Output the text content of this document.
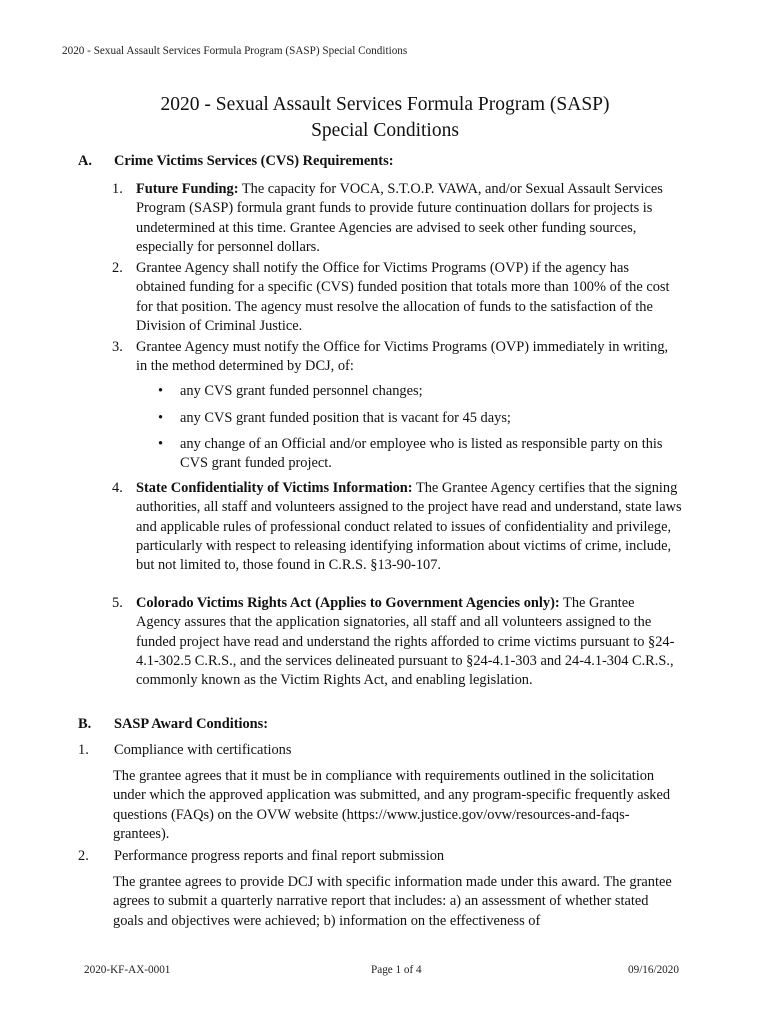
2020 - Sexual Assault Services Formula Program (SASP) Special Conditions
2020 - Sexual Assault Services Formula Program (SASP)
Special Conditions
A. Crime Victims Services (CVS) Requirements:
1. Future Funding: The capacity for VOCA, S.T.O.P. VAWA, and/or Sexual Assault Services Program (SASP) formula grant funds to provide future continuation dollars for projects is undetermined at this time. Grantee Agencies are advised to seek other funding sources, especially for personnel dollars.
2. Grantee Agency shall notify the Office for Victims Programs (OVP) if the agency has obtained funding for a specific (CVS) funded position that totals more than 100% of the cost for that position. The agency must resolve the allocation of funds to the satisfaction of the Division of Criminal Justice.
3. Grantee Agency must notify the Office for Victims Programs (OVP) immediately in writing, in the method determined by DCJ, of:
• any CVS grant funded personnel changes;
• any CVS grant funded position that is vacant for 45 days;
• any change of an Official and/or employee who is listed as responsible party on this CVS grant funded project.
4. State Confidentiality of Victims Information: The Grantee Agency certifies that the signing authorities, all staff and volunteers assigned to the project have read and understand, state laws and applicable rules of professional conduct related to issues of confidentiality and privilege, particularly with respect to releasing identifying information about victims of crime, include, but not limited to, those found in C.R.S. §13-90-107.
5. Colorado Victims Rights Act (Applies to Government Agencies only): The Grantee Agency assures that the application signatories, all staff and all volunteers assigned to the funded project have read and understand the rights afforded to crime victims pursuant to §24-4.1-302.5 C.R.S., and the services delineated pursuant to §24-4.1-303 and 24-4.1-304 C.R.S., commonly known as the Victim Rights Act, and enabling legislation.
B. SASP Award Conditions:
1. Compliance with certifications
The grantee agrees that it must be in compliance with requirements outlined in the solicitation under which the approved application was submitted, and any program-specific frequently asked questions (FAQs) on the OVW website (https://www.justice.gov/ovw/resources-and-faqs-grantees).
2. Performance progress reports and final report submission
The grantee agrees to provide DCJ with specific information made under this award. The grantee agrees to submit a quarterly narrative report that includes: a) an assessment of whether stated goals and objectives were achieved; b) information on the effectiveness of
2020-KF-AX-0001	Page 1 of 4	09/16/2020
